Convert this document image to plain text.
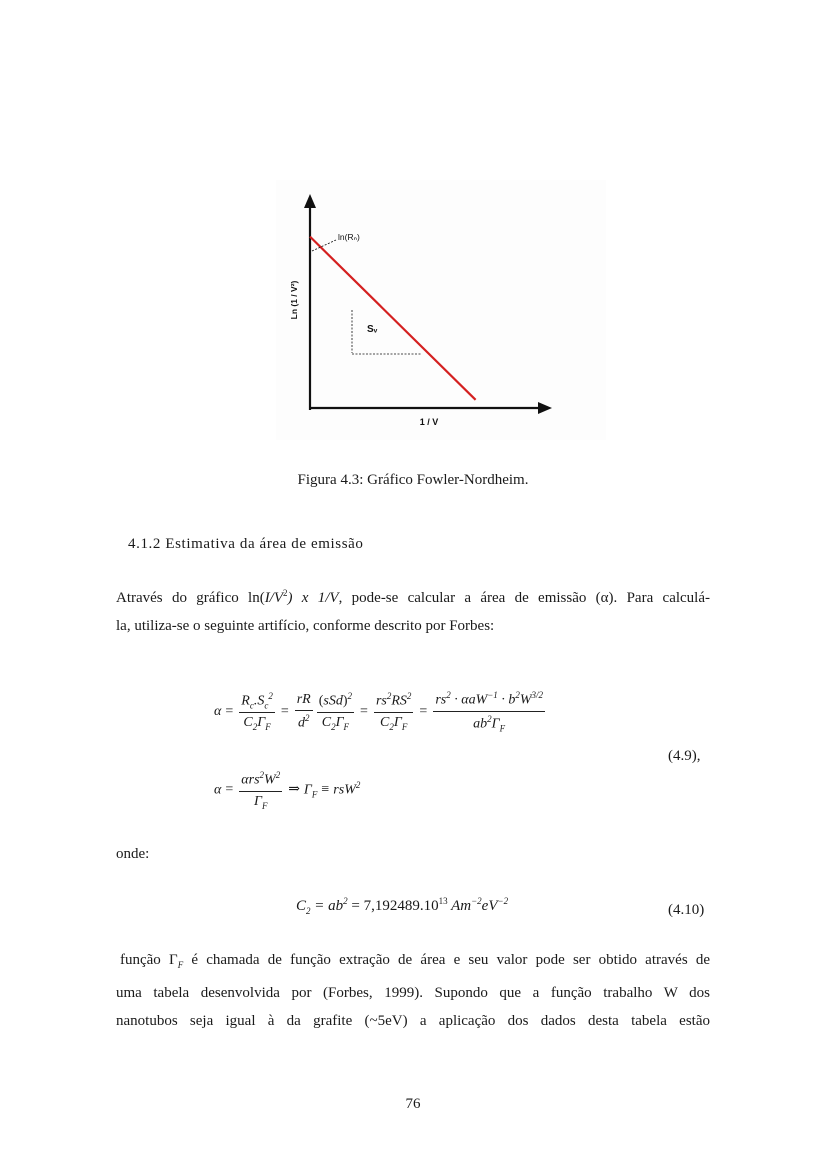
ln(Rₙ)
Sᵥ
1 / V
Ln (1 / V²)
Figura 4.3: Gráfico Fowler-Nordheim.
4.1.2 Estimativa da área de emissão
Através do gráfico $\ln(I/V^2)$ x 1/V, pode-se calcular a área de emissão (α). Para calculá-
la, utiliza-se o seguinte artifício, conforme descrito por Forbes:
$\alpha = \frac{R_c.S_c^2}{C_2\Gamma_F} = \frac{rR}{d^2} \frac{(sSd)^2}{C_2\Gamma_F} = \frac{rs^2RS^2}{C_2\Gamma_F} = \frac{rs^2 \cdot \alpha aW^{-1} \cdot b^2W^{3/2}}{ab^2\Gamma_F}$
(4.9),
$\alpha = \frac{\alpha rs^2W^2}{\Gamma_F}$ ⇒ $\Gamma_F \equiv rsW^2$
onde:
$C_2 = ab^2 = 7,192489.10^{13}$ $Am^{-2}eV^{-2}$
(4.10)
função $\Gamma_F$ é chamada de função extração de área e seu valor pode ser obtido através de
uma tabela desenvolvida por (Forbes, 1999). Supondo que a função trabalho W dos
nanotubos seja igual à da grafite (~5eV) a aplicação dos dados desta tabela estão
76
